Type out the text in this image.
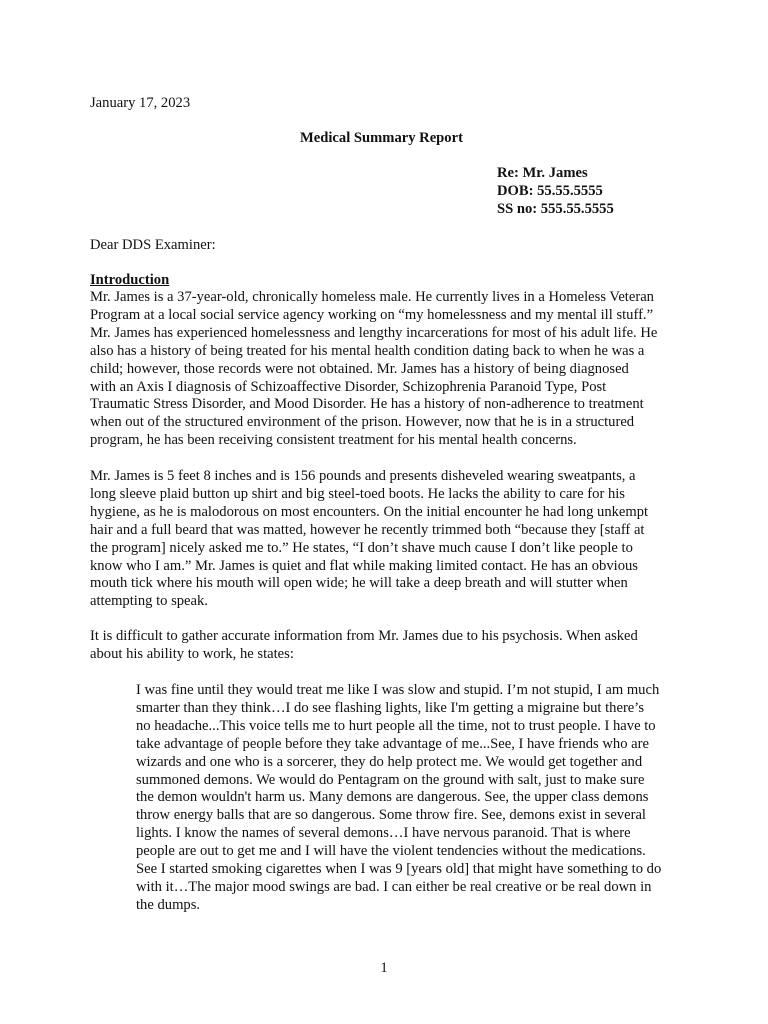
January 17, 2023
Medical Summary Report
Re: Mr. James
DOB: 55.55.5555
SS no: 555.55.5555
Dear DDS Examiner:
Introduction
Mr. James is a 37-year-old, chronically homeless male. He currently lives in a Homeless Veteran
Program at a local social service agency working on “my homelessness and my mental ill stuff.”
Mr. James has experienced homelessness and lengthy incarcerations for most of his adult life. He
also has a history of being treated for his mental health condition dating back to when he was a
child; however, those records were not obtained. Mr. James has a history of being diagnosed
with an Axis I diagnosis of Schizoaffective Disorder, Schizophrenia Paranoid Type, Post
Traumatic Stress Disorder, and Mood Disorder. He has a history of non-adherence to treatment
when out of the structured environment of the prison. However, now that he is in a structured
program, he has been receiving consistent treatment for his mental health concerns.
Mr. James is 5 feet 8 inches and is 156 pounds and presents disheveled wearing sweatpants, a
long sleeve plaid button up shirt and big steel-toed boots. He lacks the ability to care for his
hygiene, as he is malodorous on most encounters. On the initial encounter he had long unkempt
hair and a full beard that was matted, however he recently trimmed both “because they [staff at
the program] nicely asked me to.” He states, “I don’t shave much cause I don’t like people to
know who I am.” Mr. James is quiet and flat while making limited contact. He has an obvious
mouth tick where his mouth will open wide; he will take a deep breath and will stutter when
attempting to speak.
It is difficult to gather accurate information from Mr. James due to his psychosis. When asked
about his ability to work, he states:
I was fine until they would treat me like I was slow and stupid. I’m not stupid, I am much
smarter than they think…I do see flashing lights, like I'm getting a migraine but there’s
no headache...This voice tells me to hurt people all the time, not to trust people. I have to
take advantage of people before they take advantage of me...See, I have friends who are
wizards and one who is a sorcerer, they do help protect me. We would get together and
summoned demons. We would do Pentagram on the ground with salt, just to make sure
the demon wouldn't harm us. Many demons are dangerous. See, the upper class demons
throw energy balls that are so dangerous. Some throw fire. See, demons exist in several
lights. I know the names of several demons…I have nervous paranoid. That is where
people are out to get me and I will have the violent tendencies without the medications.
See I started smoking cigarettes when I was 9 [years old] that might have something to do
with it…The major mood swings are bad. I can either be real creative or be real down in
the dumps.
1
